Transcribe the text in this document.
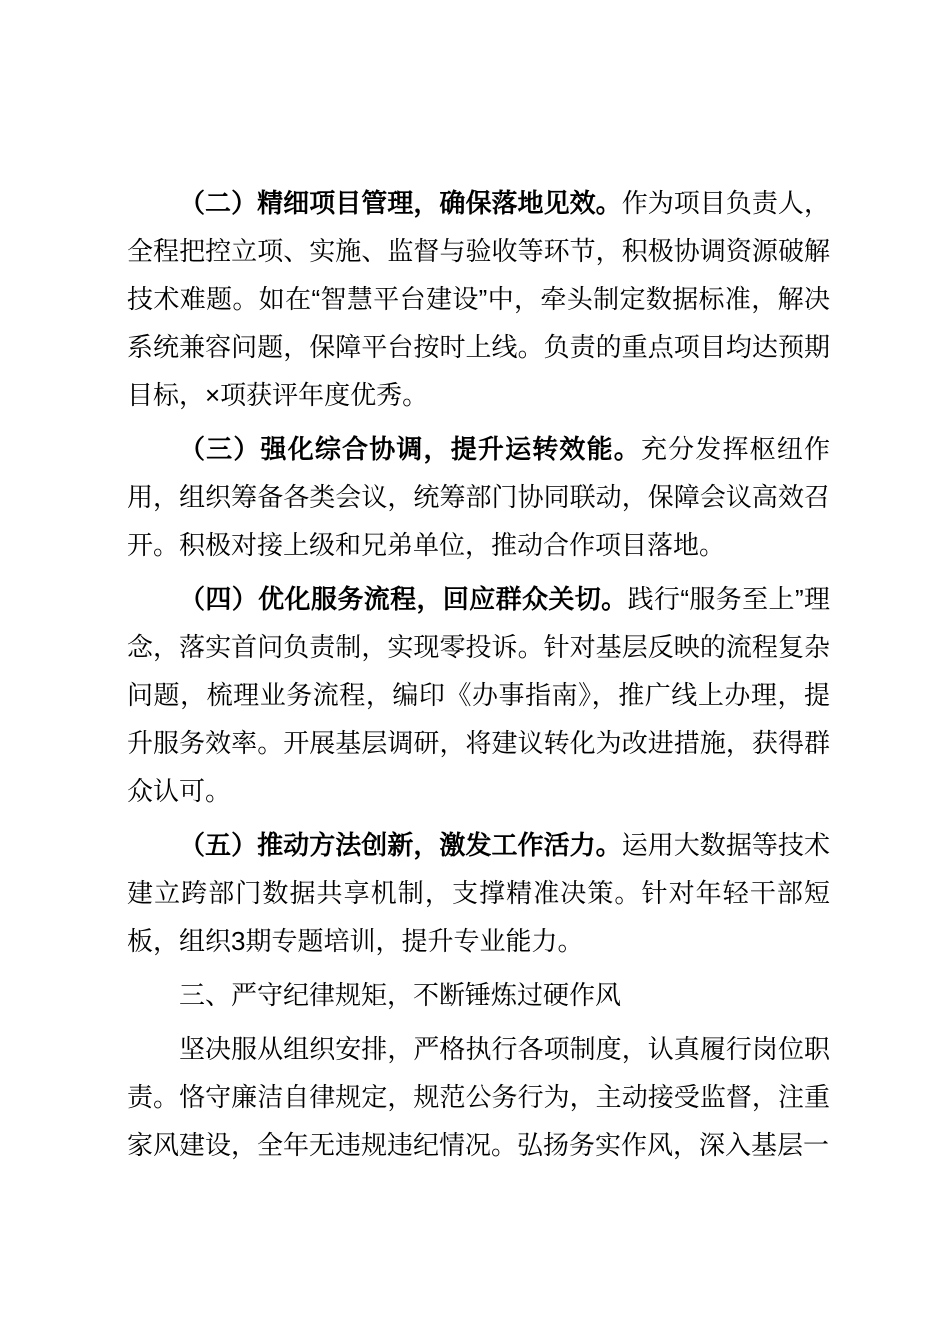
（二）精细项目管理，确保落地见效。作为项目负责人，全程把控立项、实施、监督与验收等环节，积极协调资源破解技术难题。如在“智慧平台建设”中，牵头制定数据标准，解决系统兼容问题，保障平台按时上线。负责的重点项目均达预期目标，×项获评年度优秀。

（三）强化综合协调，提升运转效能。充分发挥枢纽作用，组织筹备各类会议，统筹部门协同联动，保障会议高效召开。积极对接上级和兄弟单位，推动合作项目落地。

（四）优化服务流程，回应群众关切。践行“服务至上”理念，落实首问负责制，实现零投诉。针对基层反映的流程复杂问题，梳理业务流程，编印《办事指南》，推广线上办理，提升服务效率。开展基层调研，将建议转化为改进措施，获得群众认可。

（五）推动方法创新，激发工作活力。运用大数据等技术建立跨部门数据共享机制，支撑精准决策。针对年轻干部短板，组织3期专题培训，提升专业能力。

三、严守纪律规矩，不断锤炼过硬作风

坚决服从组织安排，严格执行各项制度，认真履行岗位职责。恪守廉洁自律规定，规范公务行为，主动接受监督，注重家风建设，全年无违规违纪情况。弘扬务实作风，深入基层一
